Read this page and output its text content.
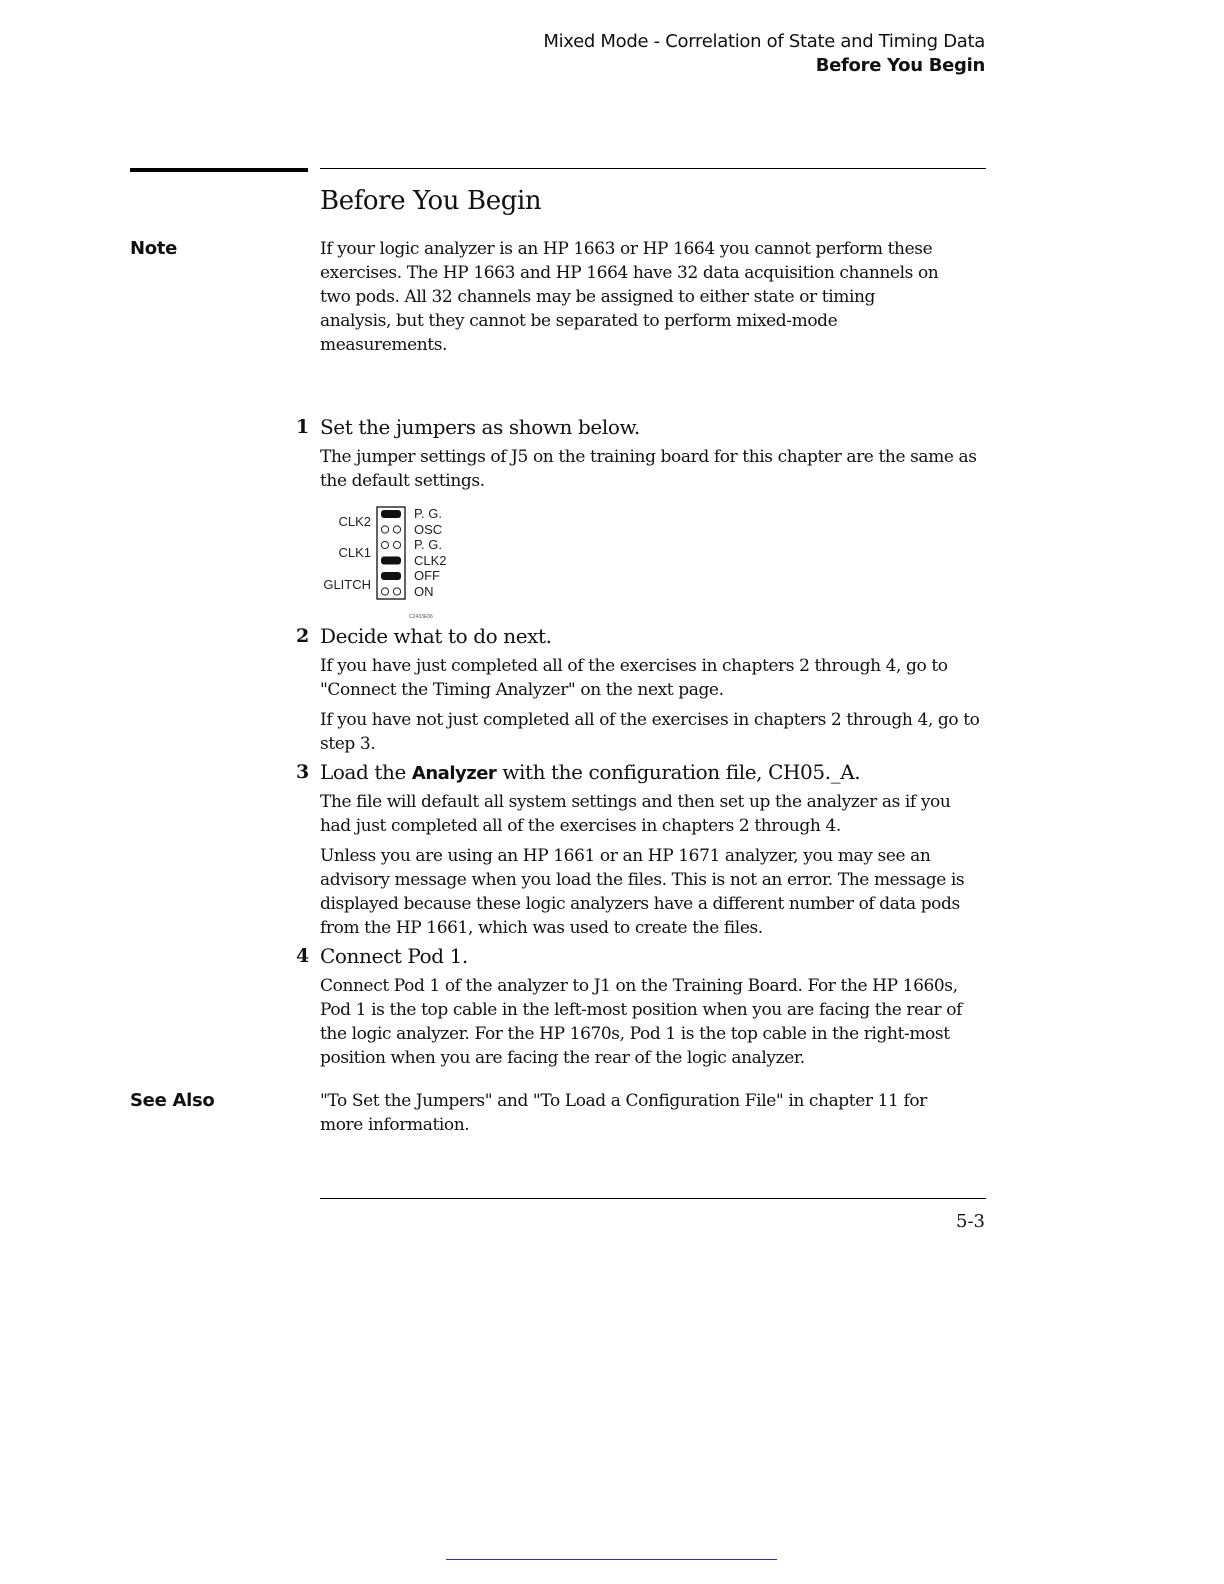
Mixed Mode - Correlation of State and Timing Data
Before You Begin
Before You Begin
Note	If your logic analyzer is an HP 1663 or HP 1664 you cannot perform these exercises. The HP 1663 and HP 1664 have 32 data acquisition channels on two pods. All 32 channels may be assigned to either state or timing analysis, but they cannot be separated to perform mixed-mode measurements.
1 Set the jumpers as shown below.

The jumper settings of J5 on the training board for this chapter are the same as the default settings.

CLK2
CLK1
GLITCH
P. G.
OSC
P. G.
CLK2
OFF
ON
C2433E06
2 Decide what to do next.

If you have just completed all of the exercises in chapters 2 through 4, go to "Connect the Timing Analyzer" on the next page.

If you have not just completed all of the exercises in chapters 2 through 4, go to step 3.

3 Load the Analyzer with the configuration file, CH05._A.

The file will default all system settings and then set up the analyzer as if you had just completed all of the exercises in chapters 2 through 4.

Unless you are using an HP 1661 or an HP 1671 analyzer, you may see an advisory message when you load the files. This is not an error. The message is displayed because these logic analyzers have a different number of data pods from the HP 1661, which was used to create the files.

4 Connect Pod 1.

Connect Pod 1 of the analyzer to J1 on the Training Board. For the HP 1660s, Pod 1 is the top cable in the left-most position when you are facing the rear of the logic analyzer. For the HP 1670s, Pod 1 is the top cable in the right-most position when you are facing the rear of the logic analyzer.

See Also	"To Set the Jumpers" and "To Load a Configuration File" in chapter 11 for more information.
5-3
